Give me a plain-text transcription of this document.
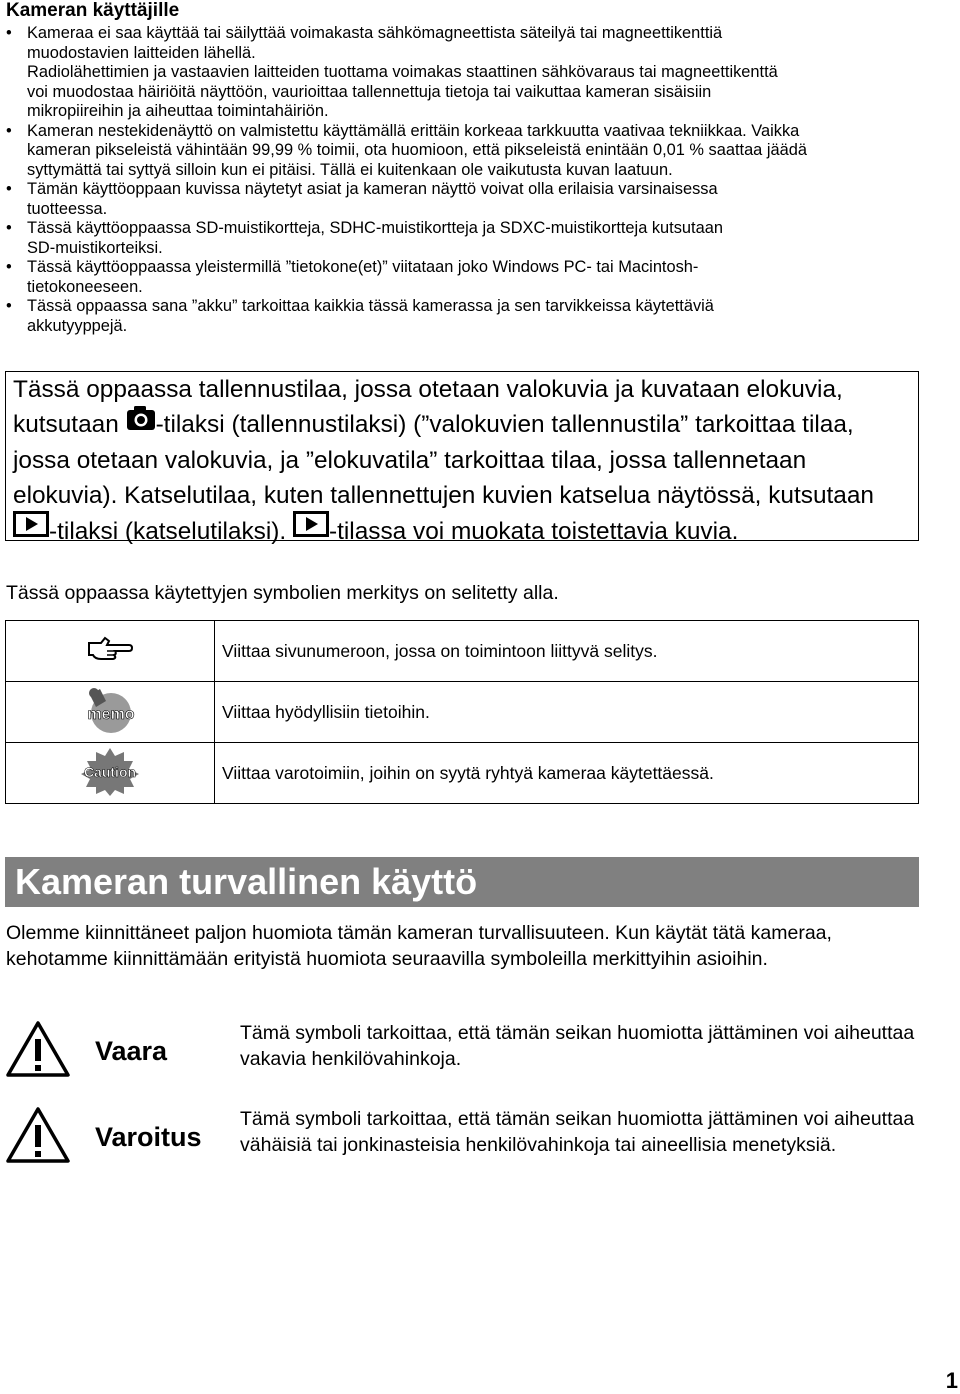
Kameran käyttäjille
• Kameraa ei saa käyttää tai säilyttää voimakasta sähkömagneettista säteilyä tai magneettikenttiä
muodostavien laitteiden lähellä.
Radiolähettimien ja vastaavien laitteiden tuottama voimakas staattinen sähkövaraus tai magneettikenttä
voi muodostaa häiriöitä näyttöön, vaurioittaa tallennettuja tietoja tai vaikuttaa kameran sisäisiin
mikropiireihin ja aiheuttaa toimintahäiriön.
• Kameran nestekidenäyttö on valmistettu käyttämällä erittäin korkeaa tarkkuutta vaativaa tekniikkaa. Vaikka
kameran pikseleistä vähintään 99,99 % toimii, ota huomioon, että pikseleistä enintään 0,01 % saattaa jäädä
syttymättä tai syttyä silloin kun ei pitäisi. Tällä ei kuitenkaan ole vaikutusta kuvan laatuun.
• Tämän käyttöoppaan kuvissa näytetyt asiat ja kameran näyttö voivat olla erilaisia varsinaisessa
tuotteessa.
• Tässä käyttöoppaassa SD-muistikortteja, SDHC-muistikortteja ja SDXC-muistikortteja kutsutaan
SD-muistikorteiksi.
• Tässä käyttöoppaassa yleistermillä ”tietokone(et)” viitataan joko Windows PC- tai Macintosh-
tietokoneeseen.
• Tässä oppaassa sana ”akku” tarkoittaa kaikkia tässä kamerassa ja sen tarvikkeissa käytettäviä
akkutyyppejä.
Tässä oppaassa tallennustilaa, jossa otetaan valokuvia ja kuvataan elokuvia,
kutsutaan -tilaksi (tallennustilaksi) (”valokuvien tallennustila” tarkoittaa tilaa,
jossa otetaan valokuvia, ja ”elokuvatila” tarkoittaa tilaa, jossa tallennetaan
elokuvia). Katselutilaa, kuten tallennettujen kuvien katselua näytössä, kutsutaan
-tilaksi (katselutilaksi). -tilassa voi muokata toistettavia kuvia.
Tässä oppaassa käytettyjen symbolien merkitys on selitetty alla.
	Viittaa sivunumeroon, jossa on toimintoon liittyvä selitys.

memo	Viittaa hyödyllisiin tietoihin.

Caution	Viittaa varotoimiin, joihin on syytä ryhtyä kameraa käytettäessä.
Kameran turvallinen käyttö
Olemme kiinnittäneet paljon huomiota tämän kameran turvallisuuteen. Kun käytät tätä kameraa, kehotamme kiinnittämään erityistä huomiota seuraavilla symboleilla merkittyihin asioihin.
Vaara
Tämä symboli tarkoittaa, että tämän seikan huomiotta jättäminen voi aiheuttaa vakavia henkilövahinkoja.
Varoitus
Tämä symboli tarkoittaa, että tämän seikan huomiotta jättäminen voi aiheuttaa vähäisiä tai jonkinasteisia henkilövahinkoja tai aineellisia menetyksiä.
1
